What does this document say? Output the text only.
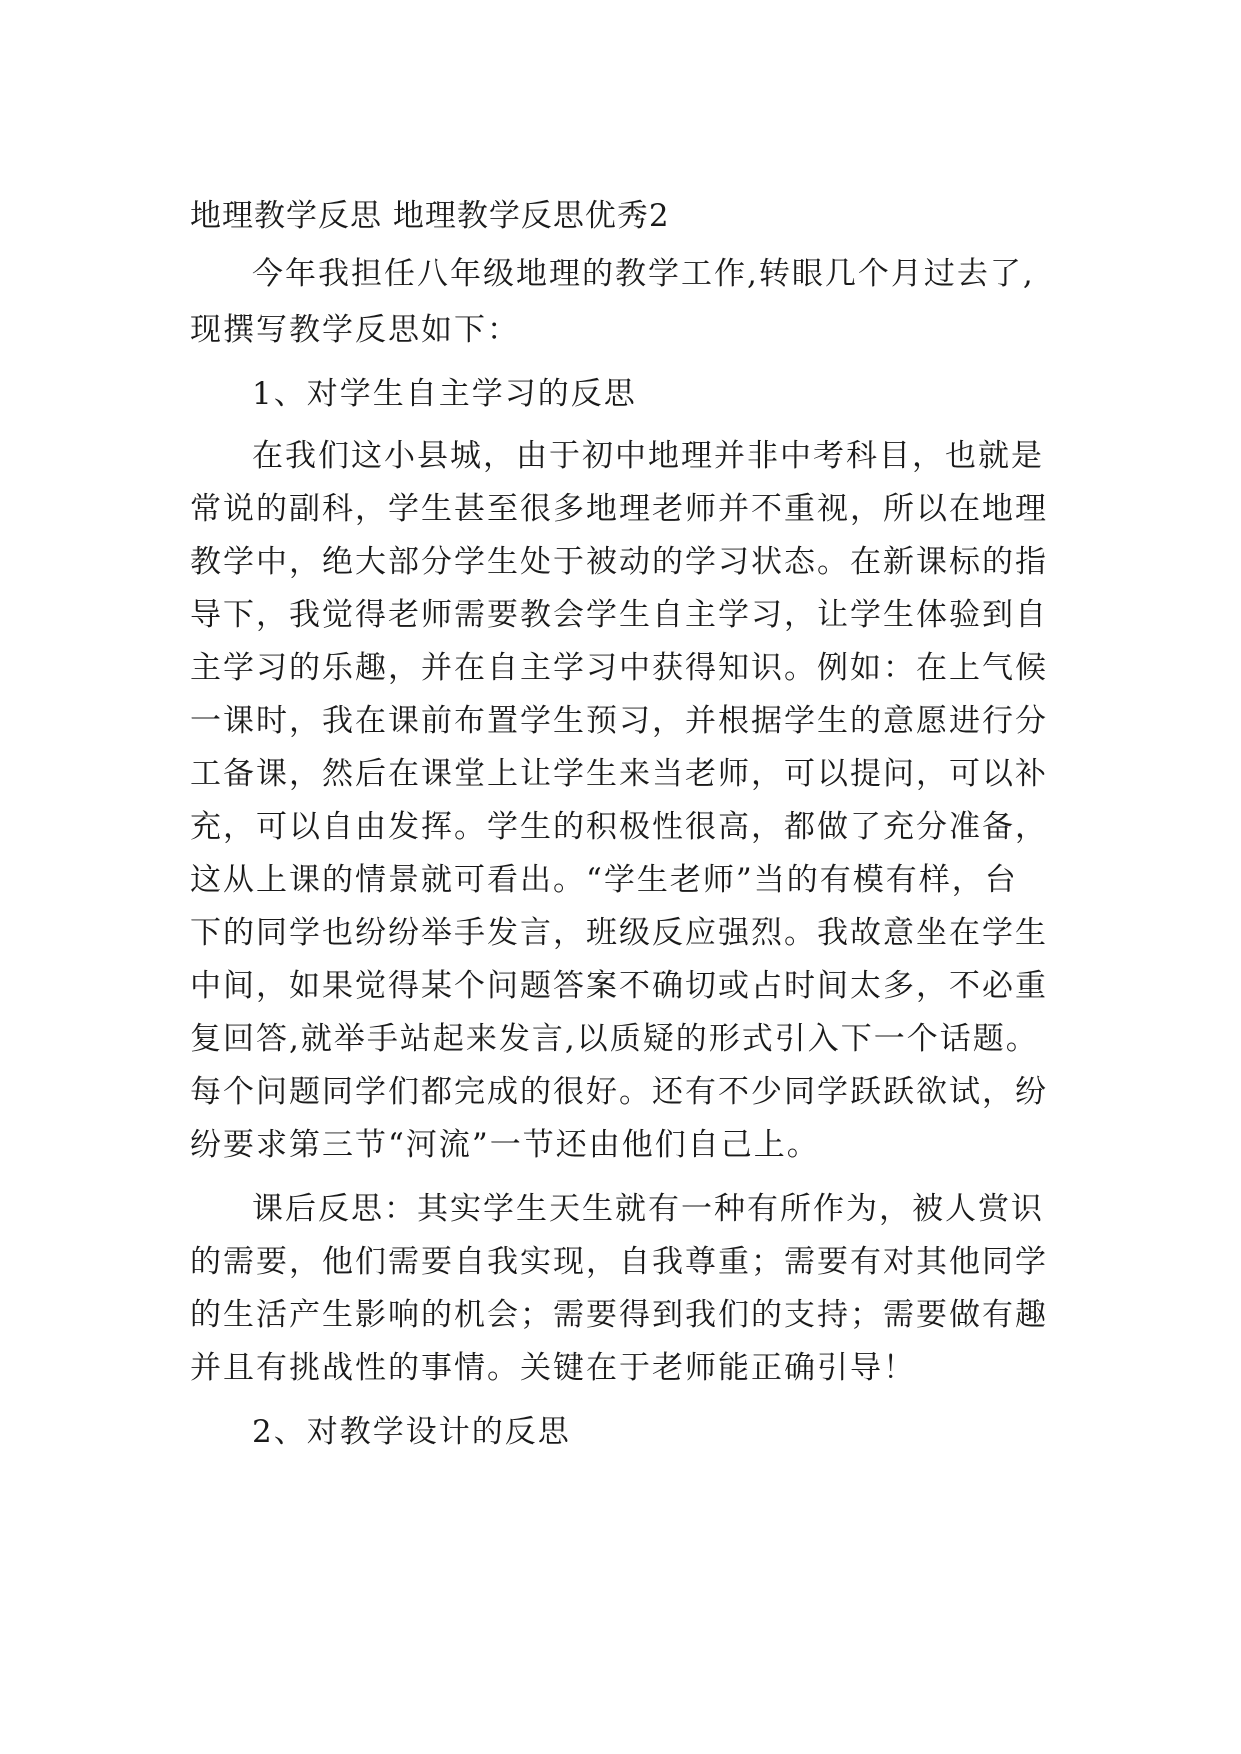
地理教学反思 地理教学反思优秀2
今年我担任八年级地理的教学工作,转眼几个月过去了,
现撰写教学反思如下：
1、对学生自主学习的反思
在我们这小县城，由于初中地理并非中考科目，也就是
常说的副科，学生甚至很多地理老师并不重视，所以在地理
教学中，绝大部分学生处于被动的学习状态。在新课标的指
导下，我觉得老师需要教会学生自主学习，让学生体验到自
主学习的乐趣，并在自主学习中获得知识。例如：在上气候
一课时，我在课前布置学生预习，并根据学生的意愿进行分
工备课，然后在课堂上让学生来当老师，可以提问，可以补
充，可以自由发挥。学生的积极性很高，都做了充分准备，
这从上课的情景就可看出。“学生老师”当的有模有样，台
下的同学也纷纷举手发言，班级反应强烈。我故意坐在学生
中间，如果觉得某个问题答案不确切或占时间太多，不必重
复回答,就举手站起来发言,以质疑的形式引入下一个话题。
每个问题同学们都完成的很好。还有不少同学跃跃欲试，纷
纷要求第三节“河流”一节还由他们自己上。
课后反思：其实学生天生就有一种有所作为，被人赏识
的需要，他们需要自我实现，自我尊重；需要有对其他同学
的生活产生影响的机会；需要得到我们的支持；需要做有趣
并且有挑战性的事情。关键在于老师能正确引导！
2、对教学设计的反思
